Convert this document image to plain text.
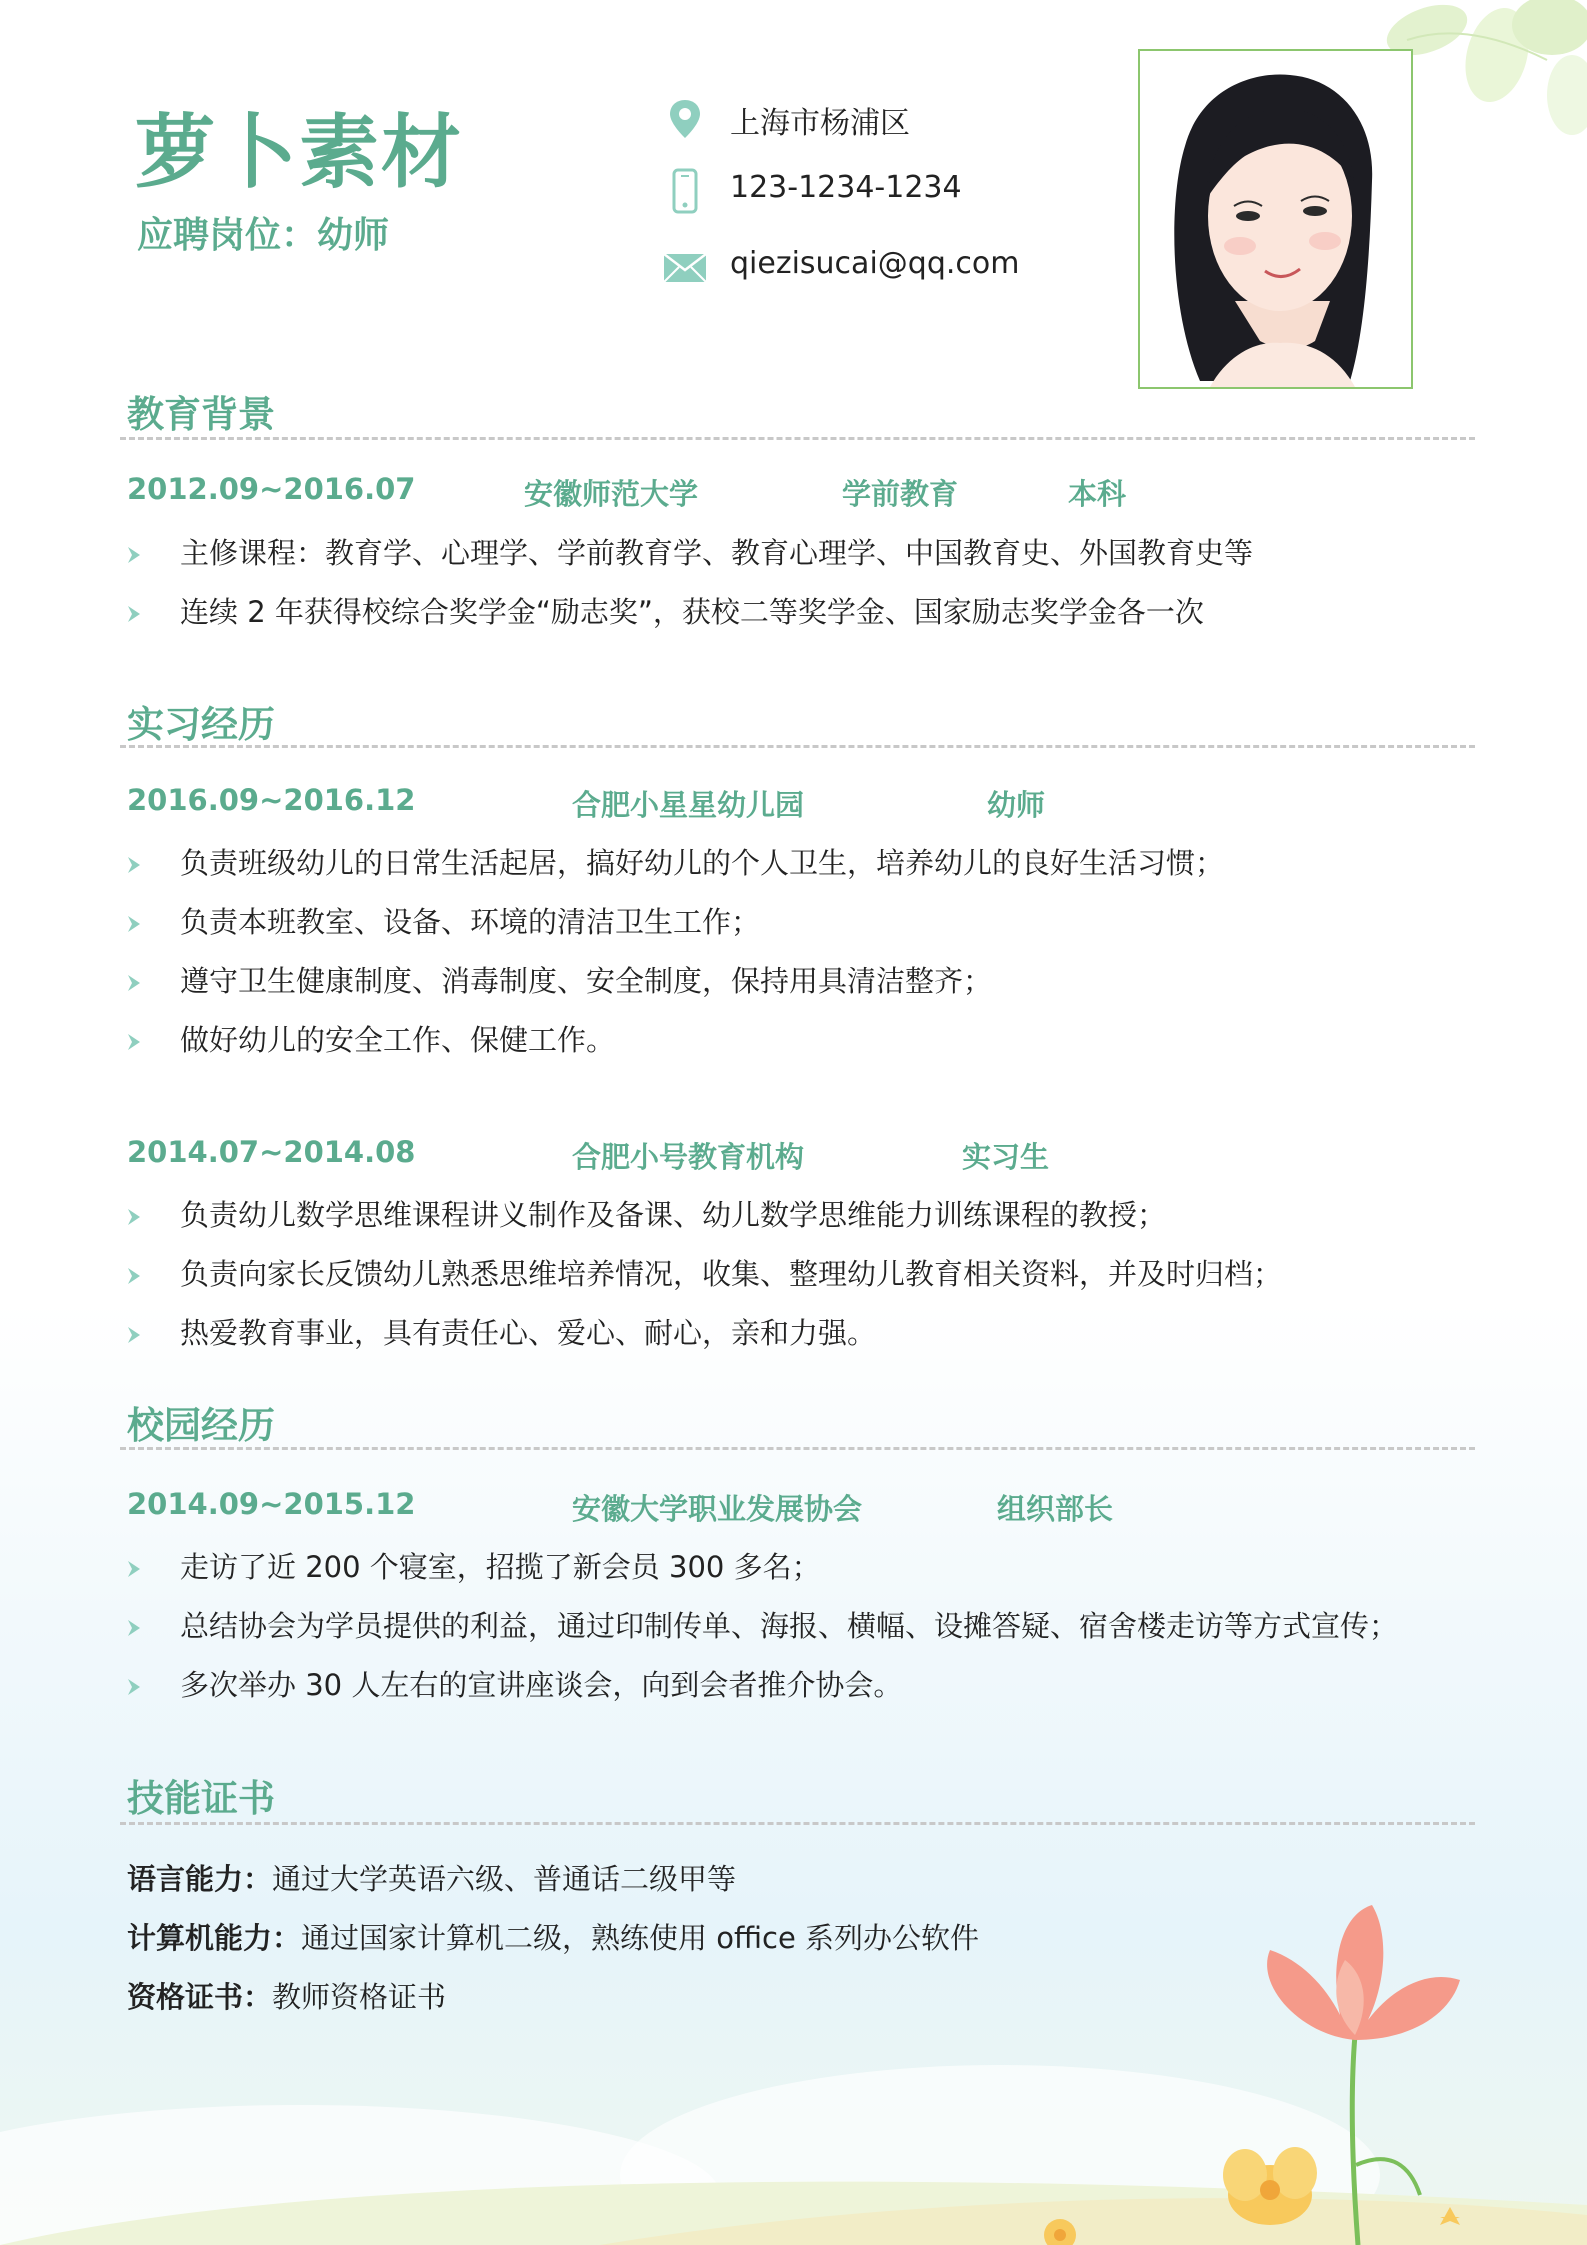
萝卜素材
应聘岗位：幼师
上海市杨浦区
123-1234-1234
qiezisucai@qq.com
教育背景
2012.09~2016.07	安徽师范大学	学前教育	本科
主修课程：教育学、心理学、学前教育学、教育心理学、中国教育史、外国教育史等
连续 2 年获得校综合奖学金“励志奖”，获校二等奖学金、国家励志奖学金各一次
实习经历
2016.09~2016.12	合肥小星星幼儿园	幼师
负责班级幼儿的日常生活起居，搞好幼儿的个人卫生，培养幼儿的良好生活习惯；
负责本班教室、设备、环境的清洁卫生工作；
遵守卫生健康制度、消毒制度、安全制度，保持用具清洁整齐；
做好幼儿的安全工作、保健工作。
2014.07~2014.08	合肥小号教育机构	实习生
负责幼儿数学思维课程讲义制作及备课、幼儿数学思维能力训练课程的教授；
负责向家长反馈幼儿熟悉思维培养情况，收集、整理幼儿教育相关资料，并及时归档；
热爱教育事业，具有责任心、爱心、耐心，亲和力强。
校园经历
2014.09~2015.12	安徽大学职业发展协会	组织部长
走访了近 200 个寝室，招揽了新会员 300 多名；
总结协会为学员提供的利益，通过印制传单、海报、横幅、设摊答疑、宿舍楼走访等方式宣传；
多次举办 30 人左右的宣讲座谈会，向到会者推介协会。
技能证书
语言能力：通过大学英语六级、普通话二级甲等
计算机能力：通过国家计算机二级，熟练使用 office 系列办公软件
资格证书：教师资格证书
